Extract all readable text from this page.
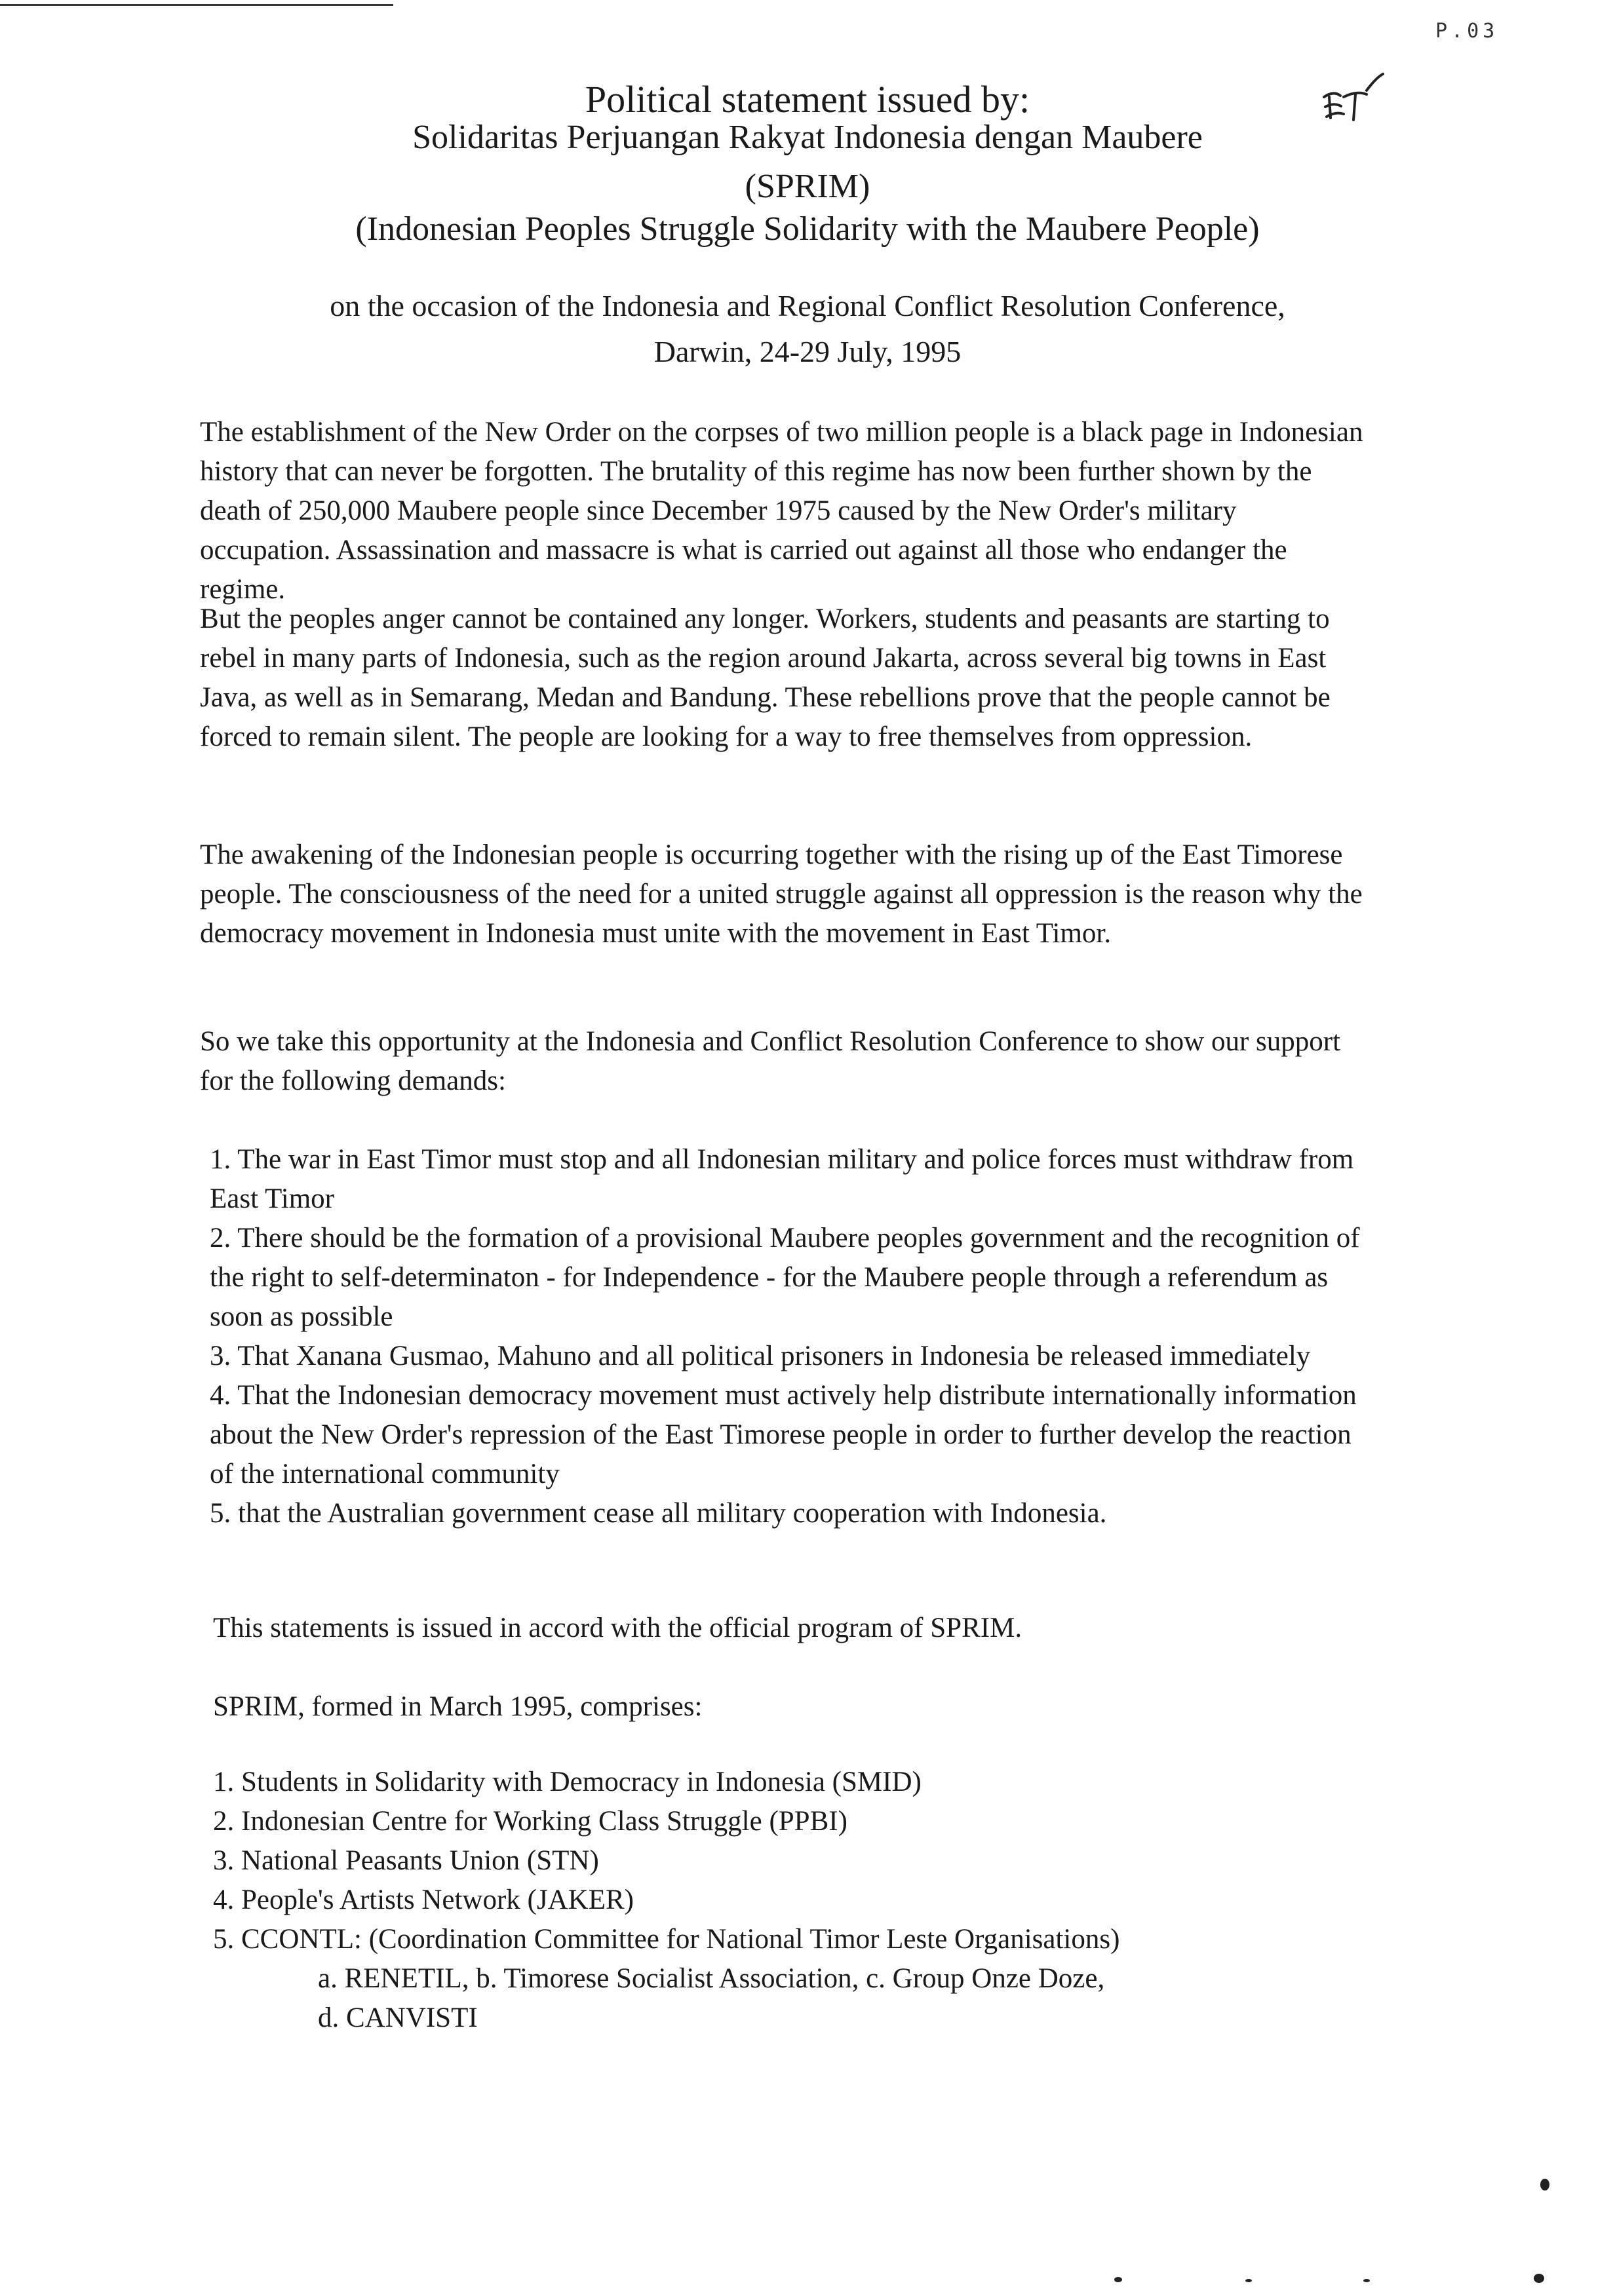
P.03
Political statement issued by:
Solidaritas Perjuangan Rakyat Indonesia dengan Maubere
(SPRIM)
(Indonesian Peoples Struggle Solidarity with the Maubere People)
on the occasion of the Indonesia and Regional Conflict Resolution Conference,
Darwin, 24-29 July, 1995

The establishment of the New Order on the corpses of two million people is a black page in Indonesian history that can never be forgotten. The brutality of this regime has now been further shown by the death of 250,000 Maubere people since December 1975 caused by the New Order's military occupation. Assassination and massacre is what is carried out against all those who endanger the regime.

But the peoples anger cannot be contained any longer. Workers, students and peasants are starting to rebel in many parts of Indonesia, such as the region around Jakarta, across several big towns in East Java, as well as in Semarang, Medan and Bandung. These rebellions prove that the people cannot be forced to remain silent. The people are looking for a way to free themselves from oppression.

The awakening of the Indonesian people is occurring together with the rising up of the East Timorese people. The consciousness of the need for a united struggle against all oppression is the reason why the democracy movement in Indonesia must unite with the movement in East Timor.

So we take this opportunity at the Indonesia and Conflict Resolution Conference to show our support for the following demands:

1. The war in East Timor must stop and all Indonesian military and police forces must withdraw from East Timor
2. There should be the formation of a provisional Maubere peoples government and the recognition of the right to self-determinaton - for Independence - for the Maubere people through a referendum as soon as possible
3. That Xanana Gusmao, Mahuno and all political prisoners in Indonesia be released immediately
4. That the Indonesian democracy movement must actively help distribute internationally information about the New Order's repression of the East Timorese people in order to further develop the reaction of the international community
5. that the Australian government cease all military cooperation with Indonesia.

This statements is issued in accord with the official program of SPRIM.

SPRIM, formed in March 1995, comprises:

1. Students in Solidarity with Democracy in Indonesia (SMID)
2. Indonesian Centre for Working Class Struggle (PPBI)
3. National Peasants Union (STN)
4. People's Artists Network (JAKER)
5. CCONTL: (Coordination Committee for National Timor Leste Organisations)

a. RENETIL, b. Timorese Socialist Association, c. Group Onze Doze,

d. CANVISTI
